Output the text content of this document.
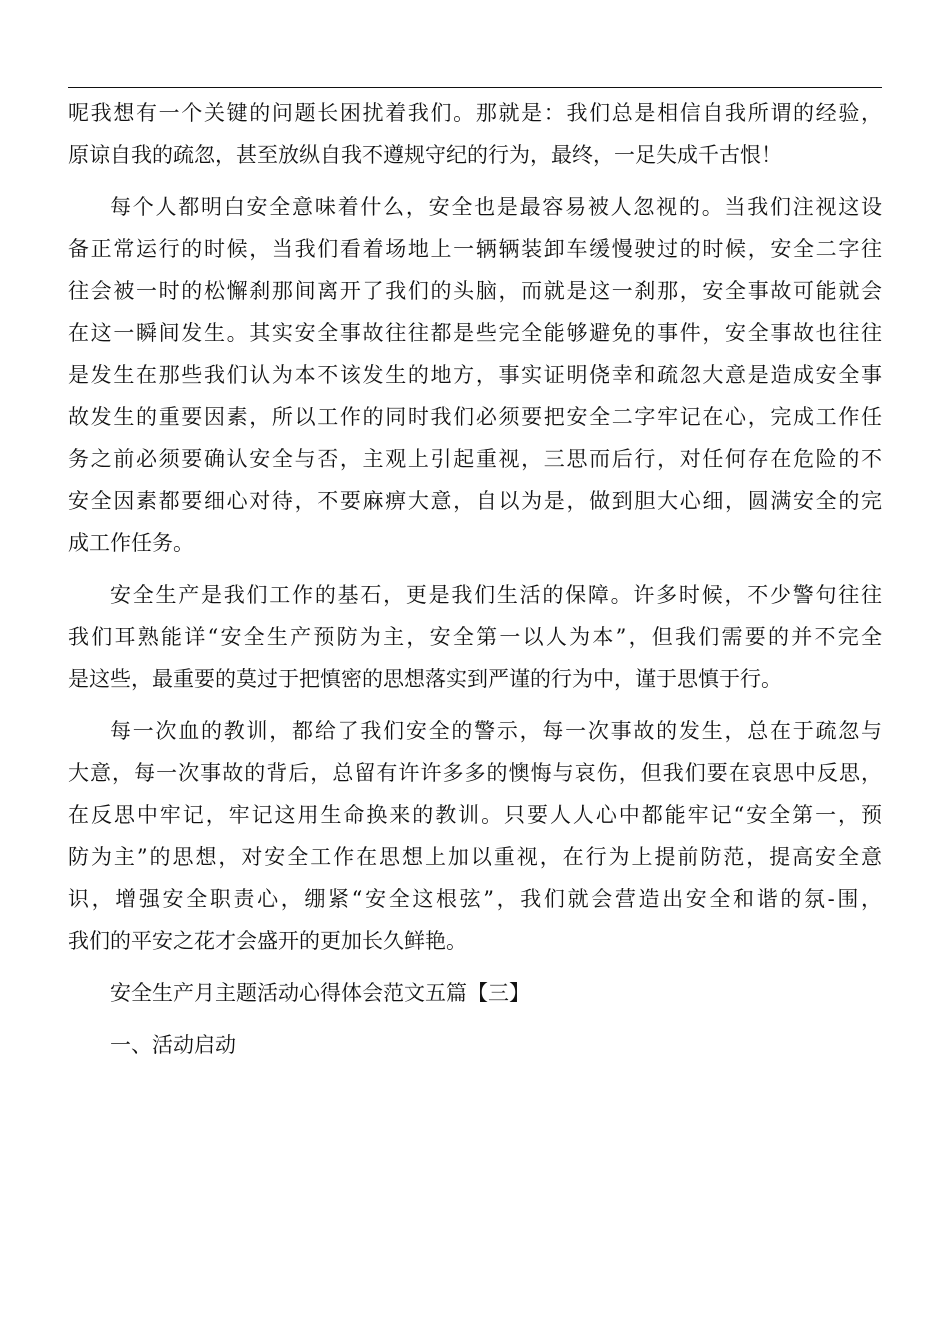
呢我想有一个关键的问题长困扰着我们。那就是：我们总是相信自我所谓的经验，
原谅自我的疏忽，甚至放纵自我不遵规守纪的行为，最终，一足失成千古恨！
每个人都明白安全意味着什么，安全也是最容易被人忽视的。当我们注视这设
备正常运行的时候，当我们看着场地上一辆辆装卸车缓慢驶过的时候，安全二字往
往会被一时的松懈刹那间离开了我们的头脑，而就是这一刹那，安全事故可能就会
在这一瞬间发生。其实安全事故往往都是些完全能够避免的事件，安全事故也往往
是发生在那些我们认为本不该发生的地方，事实证明侥幸和疏忽大意是造成安全事
故发生的重要因素，所以工作的同时我们必须要把安全二字牢记在心，完成工作任
务之前必须要确认安全与否，主观上引起重视，三思而后行，对任何存在危险的不
安全因素都要细心对待，不要麻痹大意，自以为是，做到胆大心细，圆满安全的完
成工作任务。
安全生产是我们工作的基石，更是我们生活的保障。许多时候，不少警句往往
我们耳熟能详“安全生产预防为主，安全第一以人为本”，但我们需要的并不完全
是这些，最重要的莫过于把慎密的思想落实到严谨的行为中，谨于思慎于行。
每一次血的教训，都给了我们安全的警示，每一次事故的发生，总在于疏忽与
大意，每一次事故的背后，总留有许许多多的懊悔与哀伤，但我们要在哀思中反思，
在反思中牢记，牢记这用生命换来的教训。只要人人心中都能牢记“安全第一，预
防为主”的思想，对安全工作在思想上加以重视，在行为上提前防范，提高安全意
识，增强安全职责心，绷紧“安全这根弦”，我们就会营造出安全和谐的氛-围，
我们的平安之花才会盛开的更加长久鲜艳。
安全生产月主题活动心得体会范文五篇【三】
一、活动启动
